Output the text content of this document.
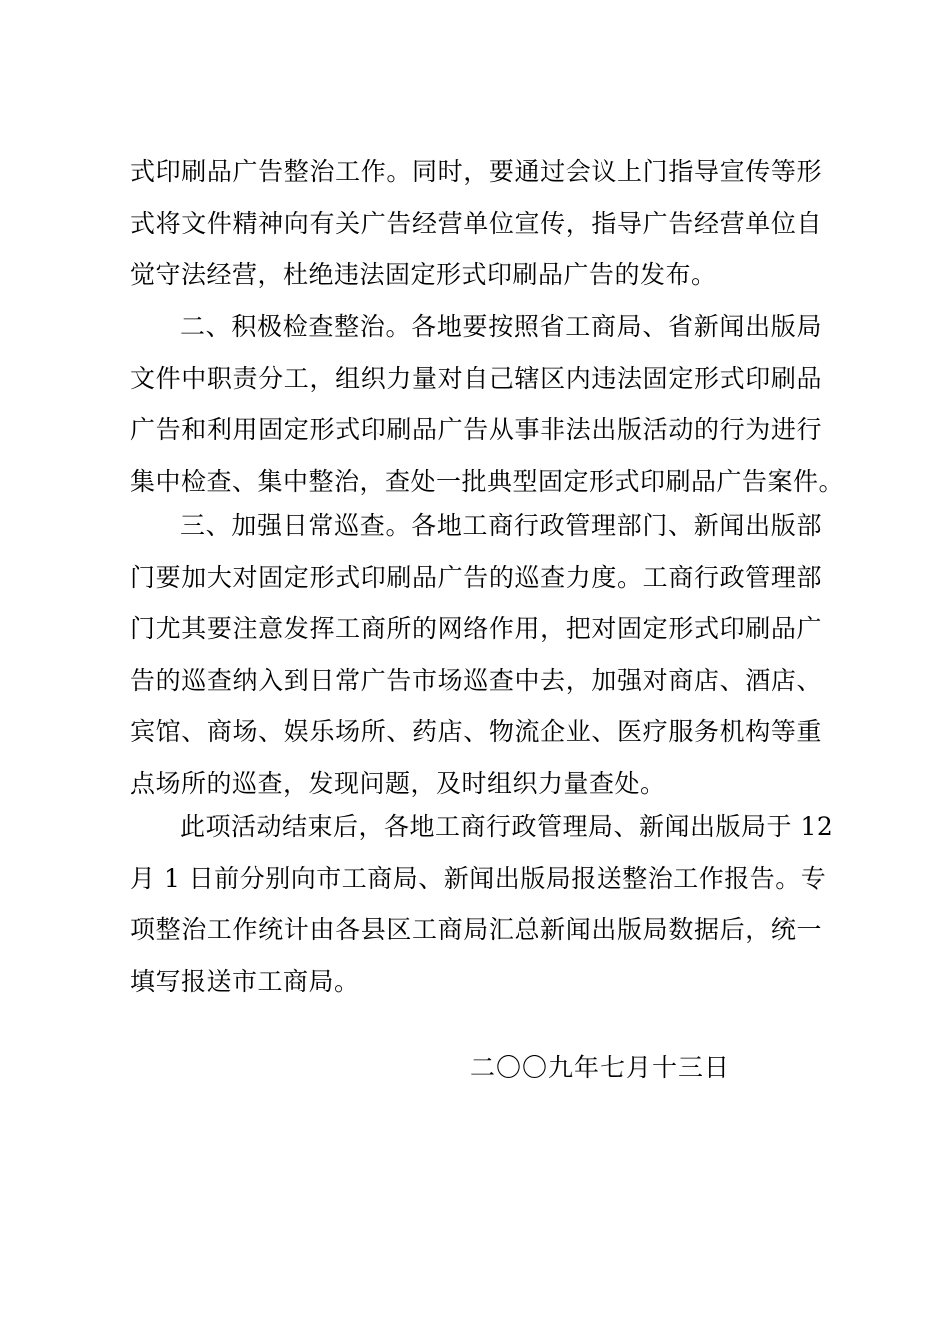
式印刷品广告整治工作。同时，要通过会议上门指导宣传等形
式将文件精神向有关广告经营单位宣传，指导广告经营单位自
觉守法经营，杜绝违法固定形式印刷品广告的发布。
二、积极检查整治。各地要按照省工商局、省新闻出版局
文件中职责分工，组织力量对自己辖区内违法固定形式印刷品
广告和利用固定形式印刷品广告从事非法出版活动的行为进行
集中检查、集中整治，查处一批典型固定形式印刷品广告案件。
三、加强日常巡查。各地工商行政管理部门、新闻出版部
门要加大对固定形式印刷品广告的巡查力度。工商行政管理部
门尤其要注意发挥工商所的网络作用，把对固定形式印刷品广
告的巡查纳入到日常广告市场巡查中去，加强对商店、酒店、
宾馆、商场、娱乐场所、药店、物流企业、医疗服务机构等重
点场所的巡查，发现问题，及时组织力量查处。
此项活动结束后，各地工商行政管理局、新闻出版局于 12
月 1 日前分别向市工商局、新闻出版局报送整治工作报告。专
项整治工作统计由各县区工商局汇总新闻出版局数据后，统一
填写报送市工商局。
二〇〇九年七月十三日
